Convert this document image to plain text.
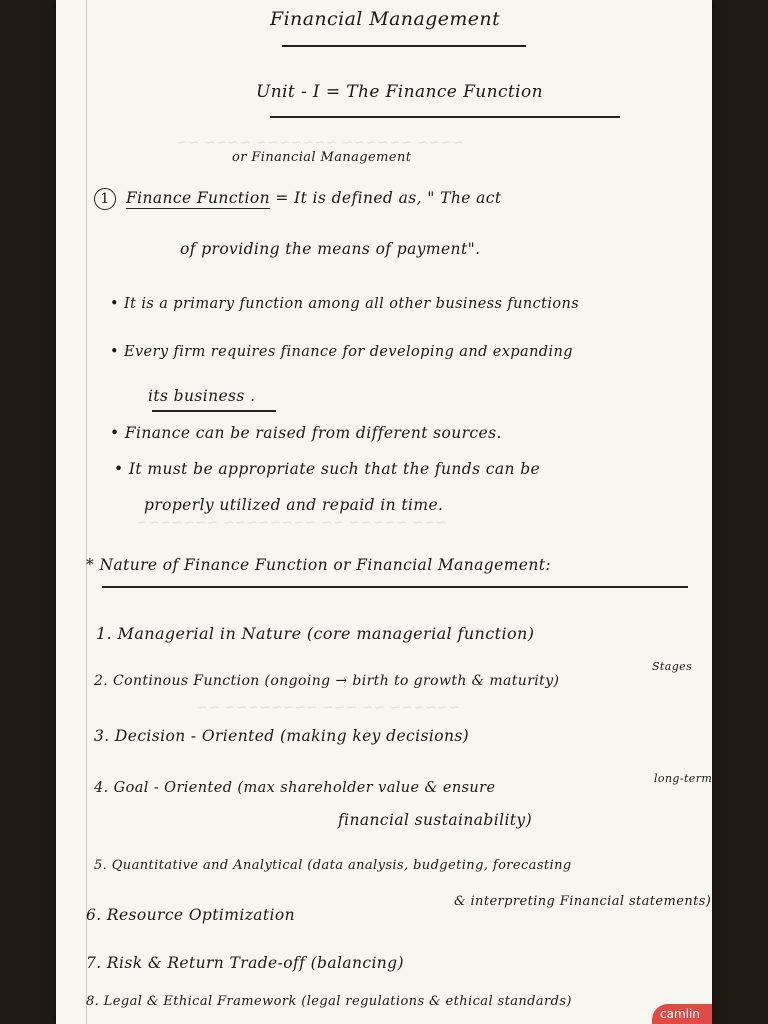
~~~~ ~~~~~~ ~~~~~~~ ~~~~ ~~
~~~ ~~~~~ ~~ ~~~~~~~~ ~~~~~~~
~~~~~~ ~~ ~~~ ~~~~~~~~ ~~
Financial Management
Unit - I = The Finance Function
or Financial Management
1 Finance Function = It is defined as, " The act
of providing the means of payment".
• It is a primary function among all other business functions
• Every firm requires finance for developing and expanding
its business .
• Finance can be raised from different sources.
• It must be appropriate such that the funds can be
properly utilized and repaid in time.
* Nature of Finance Function or Financial Management:
1. Managerial in Nature (core managerial function)
Stages
2. Continous Function (ongoing → birth to growth & maturity)
3. Decision - Oriented (making key decisions)
long-term
4. Goal - Oriented (max shareholder value & ensure
financial sustainability)
5. Quantitative and Analytical (data analysis, budgeting, forecasting
& interpreting Financial statements)
6. Resource Optimization
7. Risk & Return Trade-off (balancing)
8. Legal & Ethical Framework (legal regulations & ethical standards)
camlin
